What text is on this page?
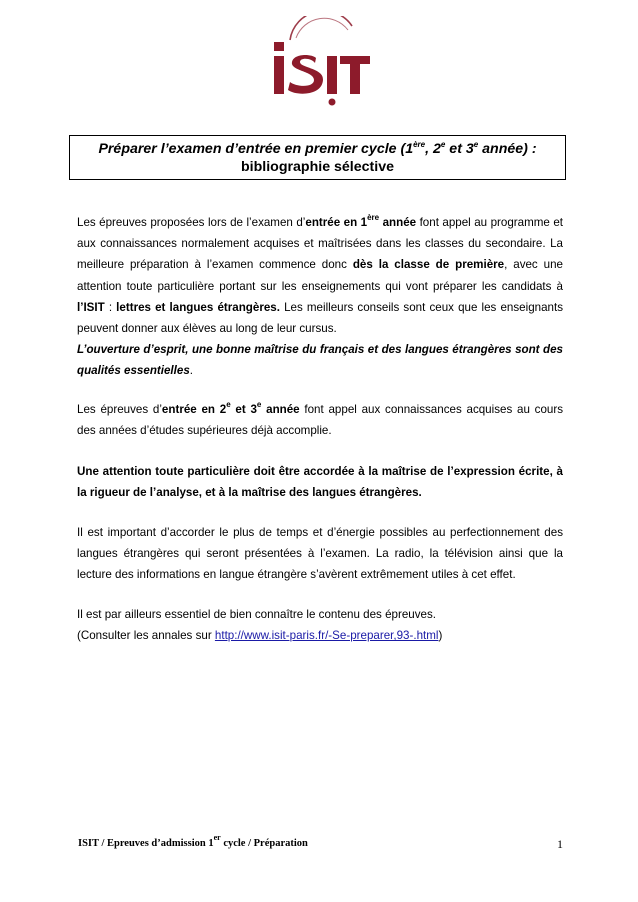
Préparer l’examen d’entrée en premier cycle (1ère, 2e et 3e année) :
bibliographie sélective
Les épreuves proposées lors de l’examen d’entrée en 1ère année font appel au programme et aux connaissances normalement acquises et maîtrisées dans les classes du secondaire. La meilleure préparation à l’examen commence donc dès la classe de première, avec une attention toute particulière portant sur les enseignements qui vont préparer les candidats à l’ISIT : lettres et langues étrangères. Les meilleurs conseils sont ceux que les enseignants peuvent donner aux élèves au long de leur cursus.
L’ouverture d’esprit, une bonne maîtrise du français et des langues étrangères sont des qualités essentielles.
Les épreuves d’entrée en 2e et 3e année font appel aux connaissances acquises au cours des années d’études supérieures déjà accomplie.
Une attention toute particulière doit être accordée à la maîtrise de l’expression écrite, à la rigueur de l’analyse, et à la maîtrise des langues étrangères.
Il est important d’accorder le plus de temps et d’énergie possibles au perfectionnement des langues étrangères qui seront présentées à l’examen. La radio, la télévision ainsi que la lecture des informations en langue étrangère s’avèrent extrêmement utiles à cet effet.
Il est par ailleurs essentiel de bien connaître le contenu des épreuves.
(Consulter les annales sur http://www.isit-paris.fr/-Se-preparer,93-.html)
ISIT / Epreuves d’admission 1er cycle / Préparation	1
